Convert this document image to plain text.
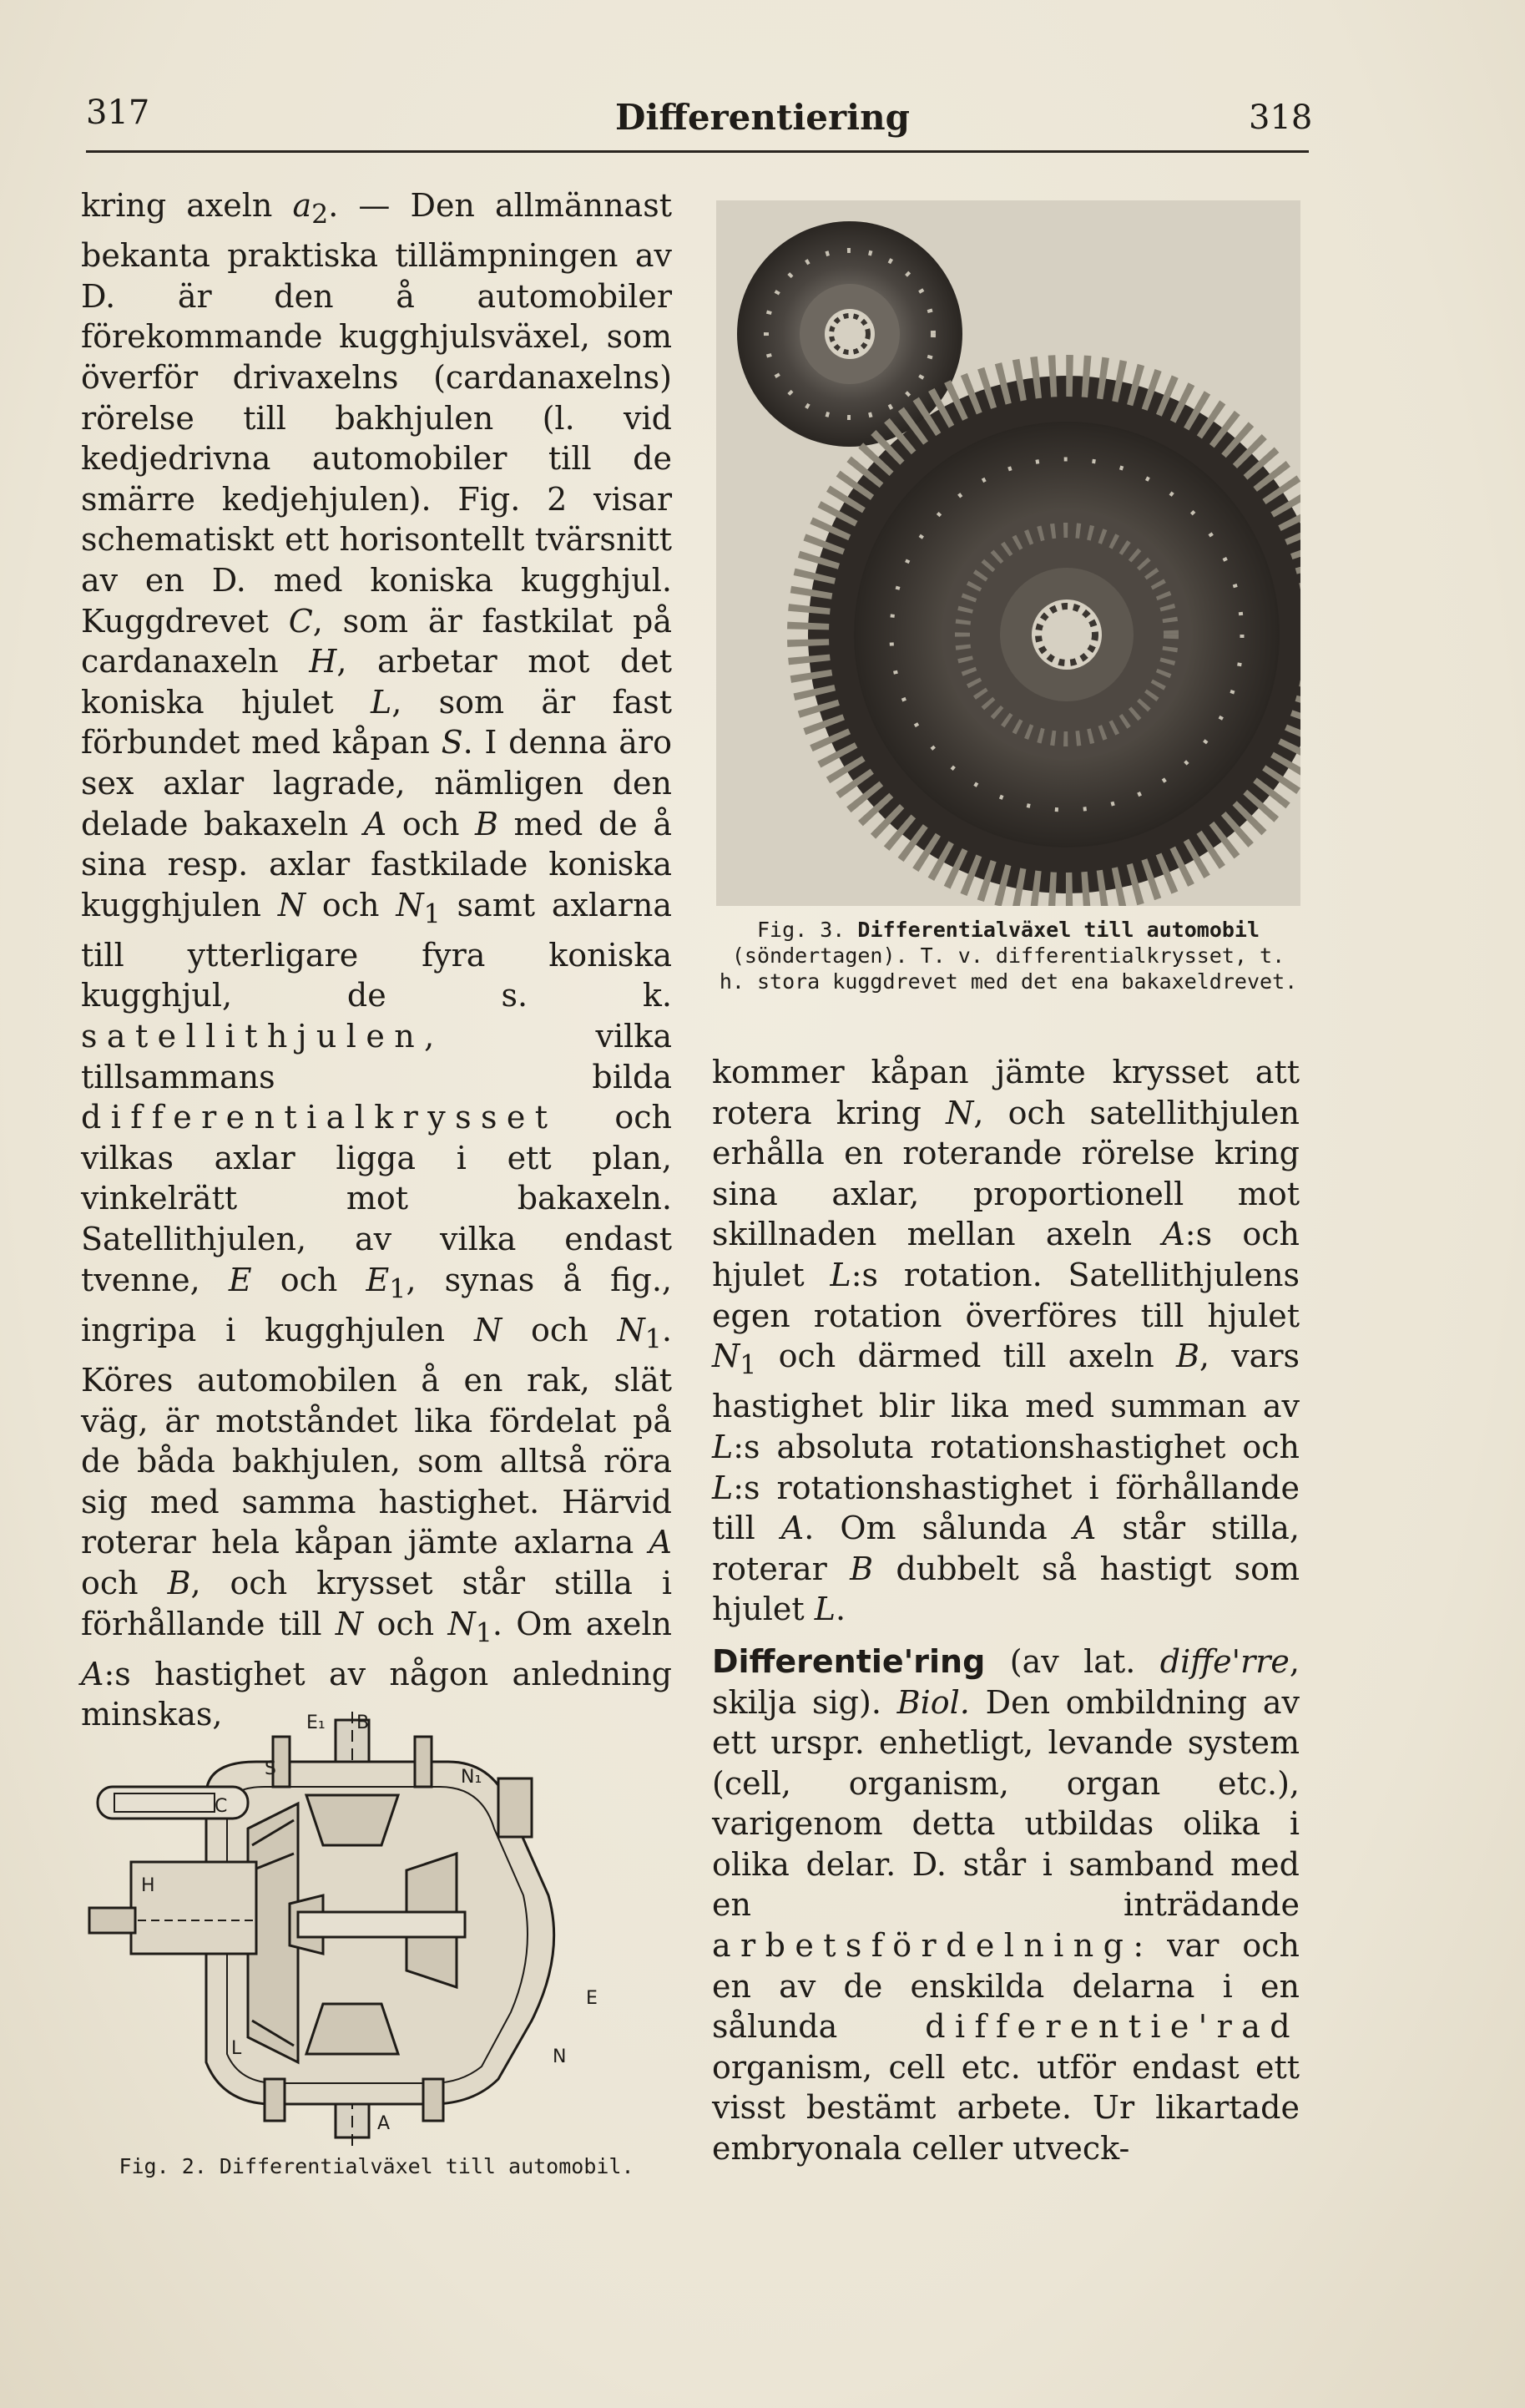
317	Differentiering	318

kring axeln $a_2$. — Den allmännast bekanta praktiska tillämpningen av D. är den å automobiler förekommande kugghjulsväxel, som överför drivaxelns (cardanaxelns) rörelse till bakhjulen (l. vid kedjedrivna automobiler till de smärre kedjehjulen). Fig. 2 visar schematiskt ett horisontellt tvärsnitt av en D. med koniska kugghjul. Kuggdrevet C, som är fastkilat på cardanaxeln H, arbetar mot det koniska hjulet L, som är fast förbundet med kåpan S. I denna äro sex axlar lagrade, nämligen den delade bakaxeln A och B med de å sina resp. axlar fastkilade koniska kugghjulen N och $N_1$ samt axlarna till ytterligare fyra koniska kugghjul, de s. k. satellithjulen, vilka tillsammans bilda differentialkrysset och vilkas axlar ligga i ett plan, vinkelrätt mot bakaxeln. Satellithjulen, av vilka endast tvenne, E och $E_1$, synas å fig., ingripa i kugghjulen N och $N_1$. Köres automobilen å en rak, slät väg, är motståndet lika fördelat på de båda bakhjulen, som alltså röra sig med samma hastighet. Härvid roterar hela kåpan jämte axlarna A och B, och krysset står stilla i förhållande till N och $N_1$. Om axeln A:s hastighet av någon anledning minskas,

S
E₁
N₁
C
H
L
E
N
A
B
Fig. 2. Differentialväxel till automobil.
Fig. 3. Differentialväxel till automobil (söndertagen). T. v. differentialkrysset, t. h. stora kuggdrevet med det ena bakaxeldrevet.

kommer kåpan jämte krysset att rotera kring N, och satellithjulen erhålla en roterande rörelse kring sina axlar, proportionell mot skillnaden mellan axeln A:s och hjulet L:s rotation. Satellithjulens egen rotation överföres till hjulet $N_1$ och därmed till axeln B, vars hastighet blir lika med summan av L:s absoluta rotationshastighet och L:s rotationshastighet i förhållande till A. Om sålunda A står stilla, roterar B dubbelt så hastigt som hjulet L.

Differentie'ring (av lat. diffe'rre, skilja sig). Biol. Den ombildning av ett urspr. enhetligt, levande system (cell, organism, organ etc.), varigenom detta utbildas olika i olika delar. D. står i samband med en inträdande arbetsfördelning: var och en av de enskilda delarna i en sålunda differentie'rad organism, cell etc. utför endast ett visst bestämt arbete. Ur likartade embryonala celler utveck-
